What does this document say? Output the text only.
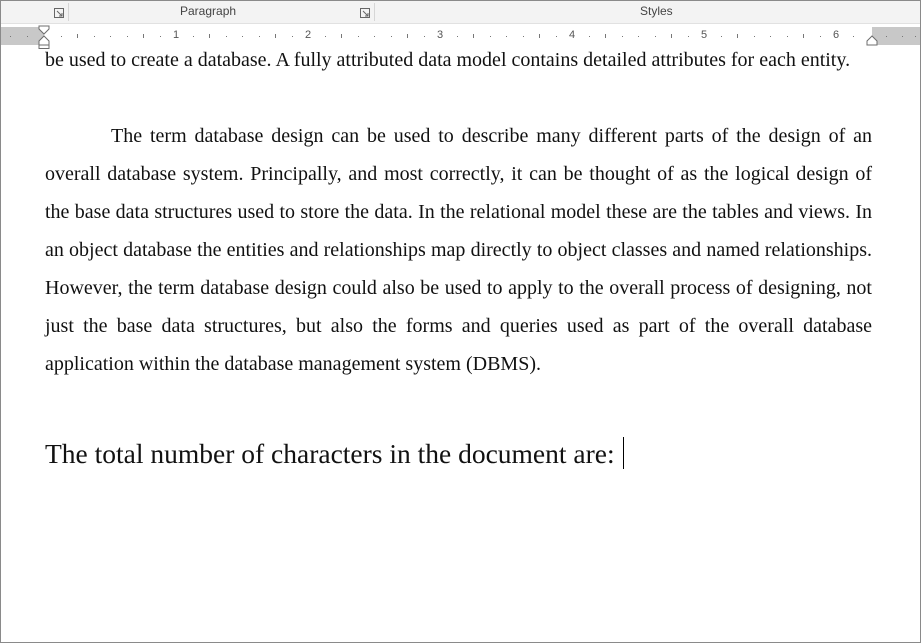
Paragraph	Styles
1	2	3	4	5	6

be used to create a database. A fully attributed data model contains detailed attributes for each entity.

The term database design can be used to describe many different parts of the design of an overall database system. Principally, and most correctly, it can be thought of as the logical design of the base data structures used to store the data. In the relational model these are the tables and views. In an object database the entities and relationships map directly to object classes and named relationships. However, the term database design could also be used to apply to the overall process of designing, not just the base data structures, but also the forms and queries used as part of the overall database application within the database management system (DBMS).

The total number of characters in the document are:
